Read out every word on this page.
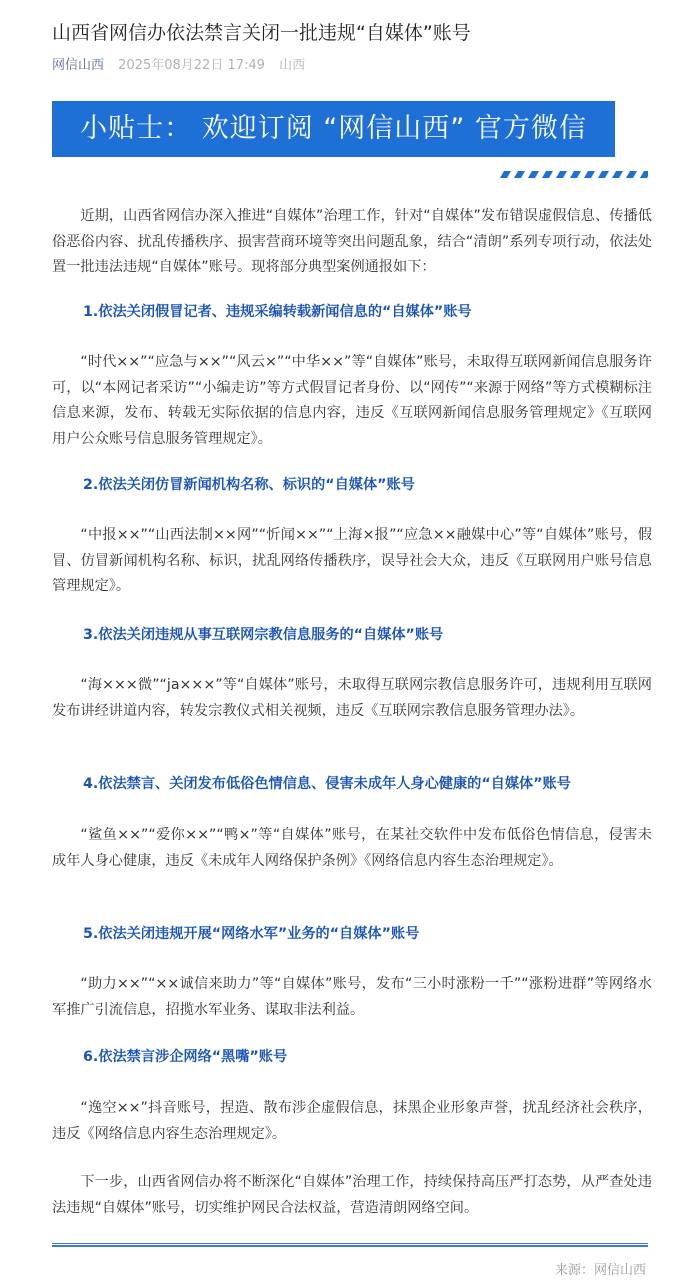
山西省网信办依法禁言关闭一批违规“自媒体”账号
网信山西 2025年08月22日 17:49 山西
小贴士： 欢迎订阅 “网信山西” 官方微信

近期，山西省网信办深入推进“自媒体”治理工作，针对“自媒体”发布错误虚假信息、传播低俗恶俗内容、扰乱传播秩序、损害营商环境等突出问题乱象，结合“清朗”系列专项行动，依法处置一批违法违规“自媒体”账号。现将部分典型案例通报如下：

1.依法关闭假冒记者、违规采编转载新闻信息的“自媒体”账号

“时代××”“应急与××”“风云×”“中华××”等“自媒体”账号，未取得互联网新闻信息服务许可，以“本网记者采访”“小编走访”等方式假冒记者身份、以“网传”“来源于网络”等方式模糊标注信息来源，发布、转载无实际依据的信息内容，违反《互联网新闻信息服务管理规定》《互联网用户公众账号信息服务管理规定》。

2.依法关闭仿冒新闻机构名称、标识的“自媒体”账号

“中报××”“山西法制××网”“忻闻××”“上海×报”“应急××融媒中心”等“自媒体”账号，假冒、仿冒新闻机构名称、标识，扰乱网络传播秩序，误导社会大众，违反《互联网用户账号信息管理规定》。

3.依法关闭违规从事互联网宗教信息服务的“自媒体”账号

“海×××微”“ja×××”等“自媒体”账号，未取得互联网宗教信息服务许可，违规利用互联网发布讲经讲道内容，转发宗教仪式相关视频，违反《互联网宗教信息服务管理办法》。

4.依法禁言、关闭发布低俗色情信息、侵害未成年人身心健康的“自媒体”账号

“鲨鱼××”“爱你××”“鸭×”等“自媒体”账号，在某社交软件中发布低俗色情信息，侵害未成年人身心健康，违反《未成年人网络保护条例》《网络信息内容生态治理规定》。

5.依法关闭违规开展“网络水军”业务的“自媒体”账号

“助力××”“××诚信来助力”等“自媒体”账号，发布“三小时涨粉一千”“涨粉进群”等网络水军推广引流信息，招揽水军业务、谋取非法利益。

6.依法禁言涉企网络“黑嘴”账号

“逸空××”抖音账号，捏造、散布涉企虚假信息，抹黑企业形象声誉，扰乱经济社会秩序，违反《网络信息内容生态治理规定》。

下一步，山西省网信办将不断深化“自媒体”治理工作，持续保持高压严打态势，从严查处违法违规“自媒体”账号，切实维护网民合法权益，营造清朗网络空间。

来源：网信山西
